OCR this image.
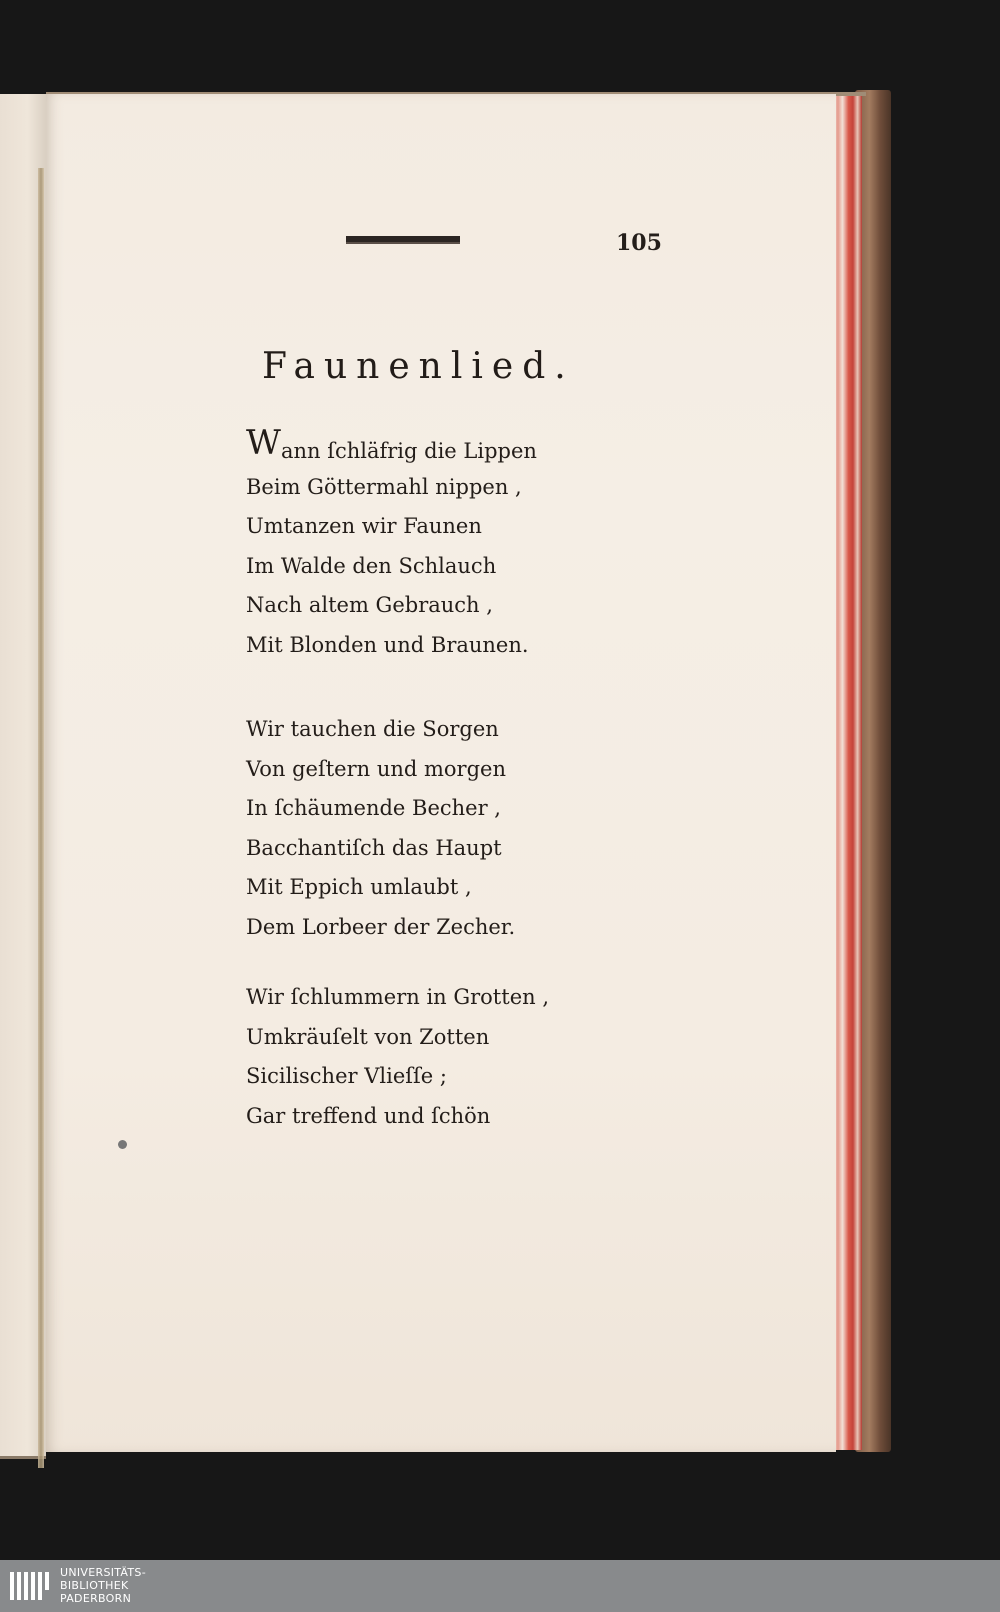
105
Faunenlied.
Wann ſchläfrig die Lippen
Beim Göttermahl nippen ,
Umtanzen wir Faunen
Im Walde den Schlauch
Nach altem Gebrauch ,
Mit Blonden und Braunen.
Wir tauchen die Sorgen
Von geſtern und morgen
In ſchäumende Becher ,
Bacchantiſch das Haupt
Mit Eppich umlaubt ,
Dem Lorbeer der Zecher.
Wir ſchlummern in Grotten ,
Umkräuſelt von Zotten
Sicilischer Vlieſſe ;
Gar treffend und ſchön
UNIVERSITÄTS-
BIBLIOTHEK
PADERBORN
